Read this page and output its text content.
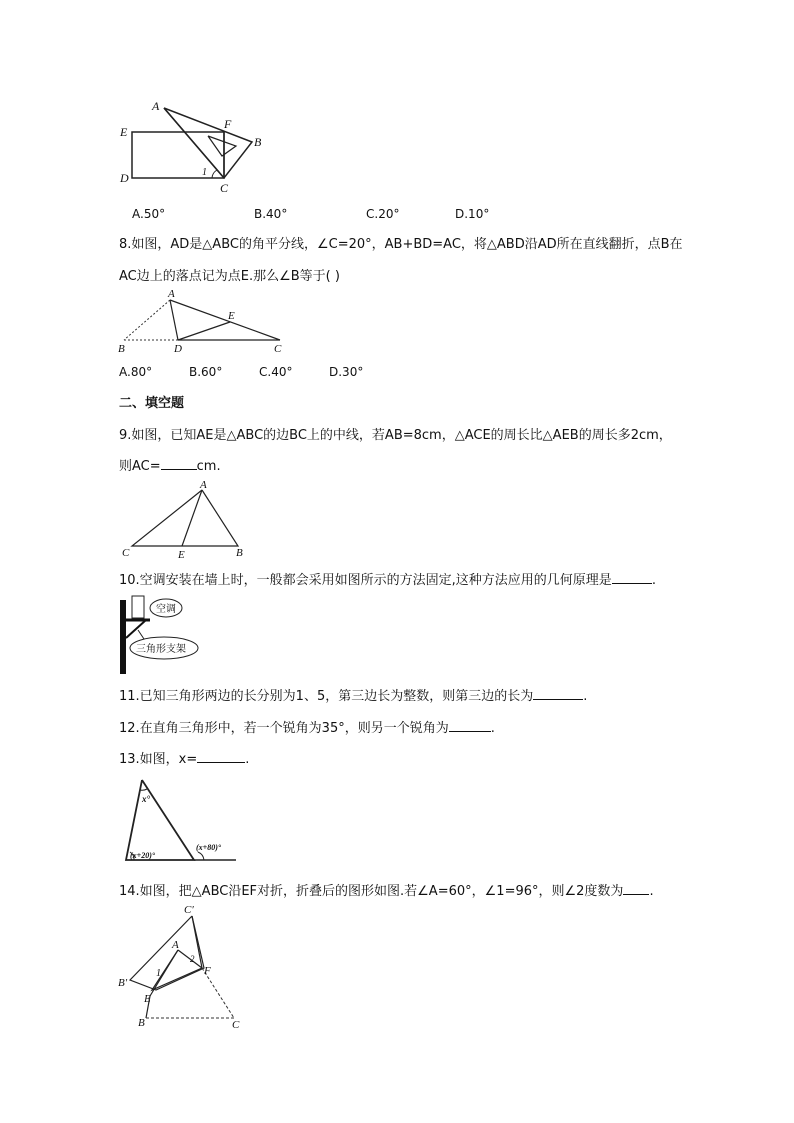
A
E
F
B
D
C
1
A.50°	B.40°	C.20°	D.10°
8.如图，AD是△ABC的角平分线，∠C=20°，AB+BD=AC，将△ABD沿AD所在直线翻折，点B在
AC边上的落点记为点E.那么∠B等于( )
A
E
B	D	C
A.80°	B.60°	C.40°	D.30°
二、填空题
9.如图，已知AE是△ABC的边BC上的中线，若AB=8cm，△ACE的周长比△AEB的周长多2cm，
则AC=	cm.
A
C	E	B
10.空调安装在墙上时，一般都会采用如图所示的方法固定,这种方法应用的几何原理是	.
空调
三角形支架
11.已知三角形两边的长分别为1、5，第三边长为整数，则第三边的长为	.
12.在直角三角形中，若一个锐角为35°，则另一个锐角为	.
13.如图，x=	.
x°
(x+20)°
(x+80)°
14.如图，把△ABC沿EF对折，折叠后的图形如图.若∠A=60°，∠1=96°，则∠2度数为 .
C′
A
B′
1
2
F
E
B	C
